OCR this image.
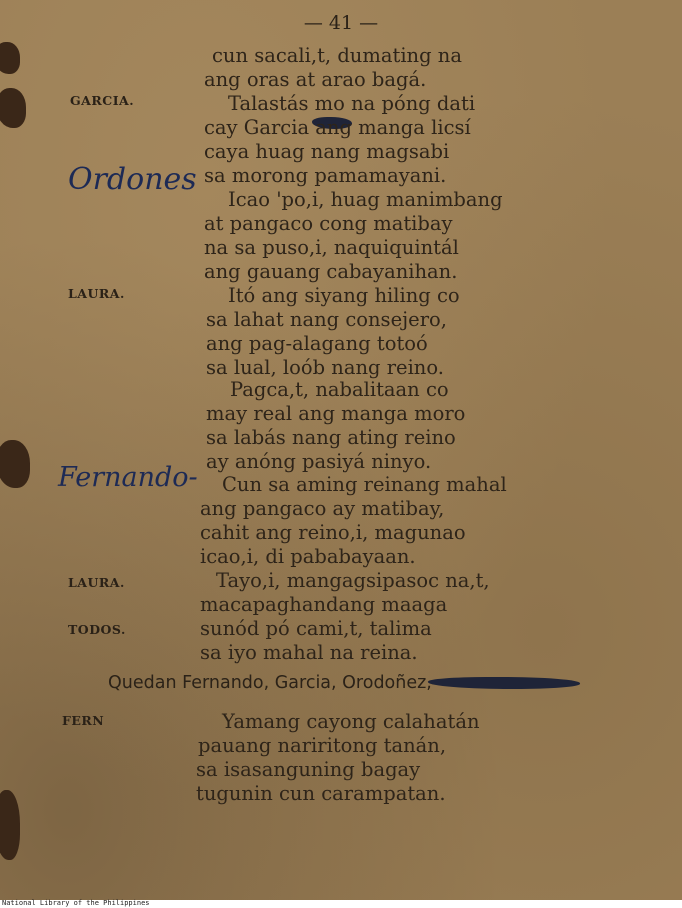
— 41 —
GARCIA.
LAURA.
LAURA.
TODOS.
FERN
Ordones
Fernando-
cun sacali,t, dumating na
ang oras at arao bagá.
Talastás mo na póng dati
cay Garcia ang manga licsí
caya huag nang magsabi
sa morong pamamayani.
Icao 'po,i, huag manimbang
at pangaco cong matibay
na sa puso,i, naquiquintál
ang gauang cabayanihan.
Itó ang siyang hiling co
sa lahat nang consejero,
ang pag-alagang totoó
sa lual, loób nang reino.
Pagca,t, nabalitaan co
may real ang manga moro
sa labás nang ating reino
ay anóng pasiyá ninyo.
Cun sa aming reinang mahal
ang pangaco ay matibay,
cahit ang reino,i, magunao
icao,i, di pababayaan.
Tayo,i, mangagsipasoc na,t,
macapaghandang maaga
sunód pó cami,t, talima
sa iyo mahal na reina.
Quedan Fernando, Garcia, Orodoñez,
Yamang cayong calahatán
pauang nariritong tanán,
sa isasanguning bagay
tugunin cun carampatan.
National Library of the Philippines
